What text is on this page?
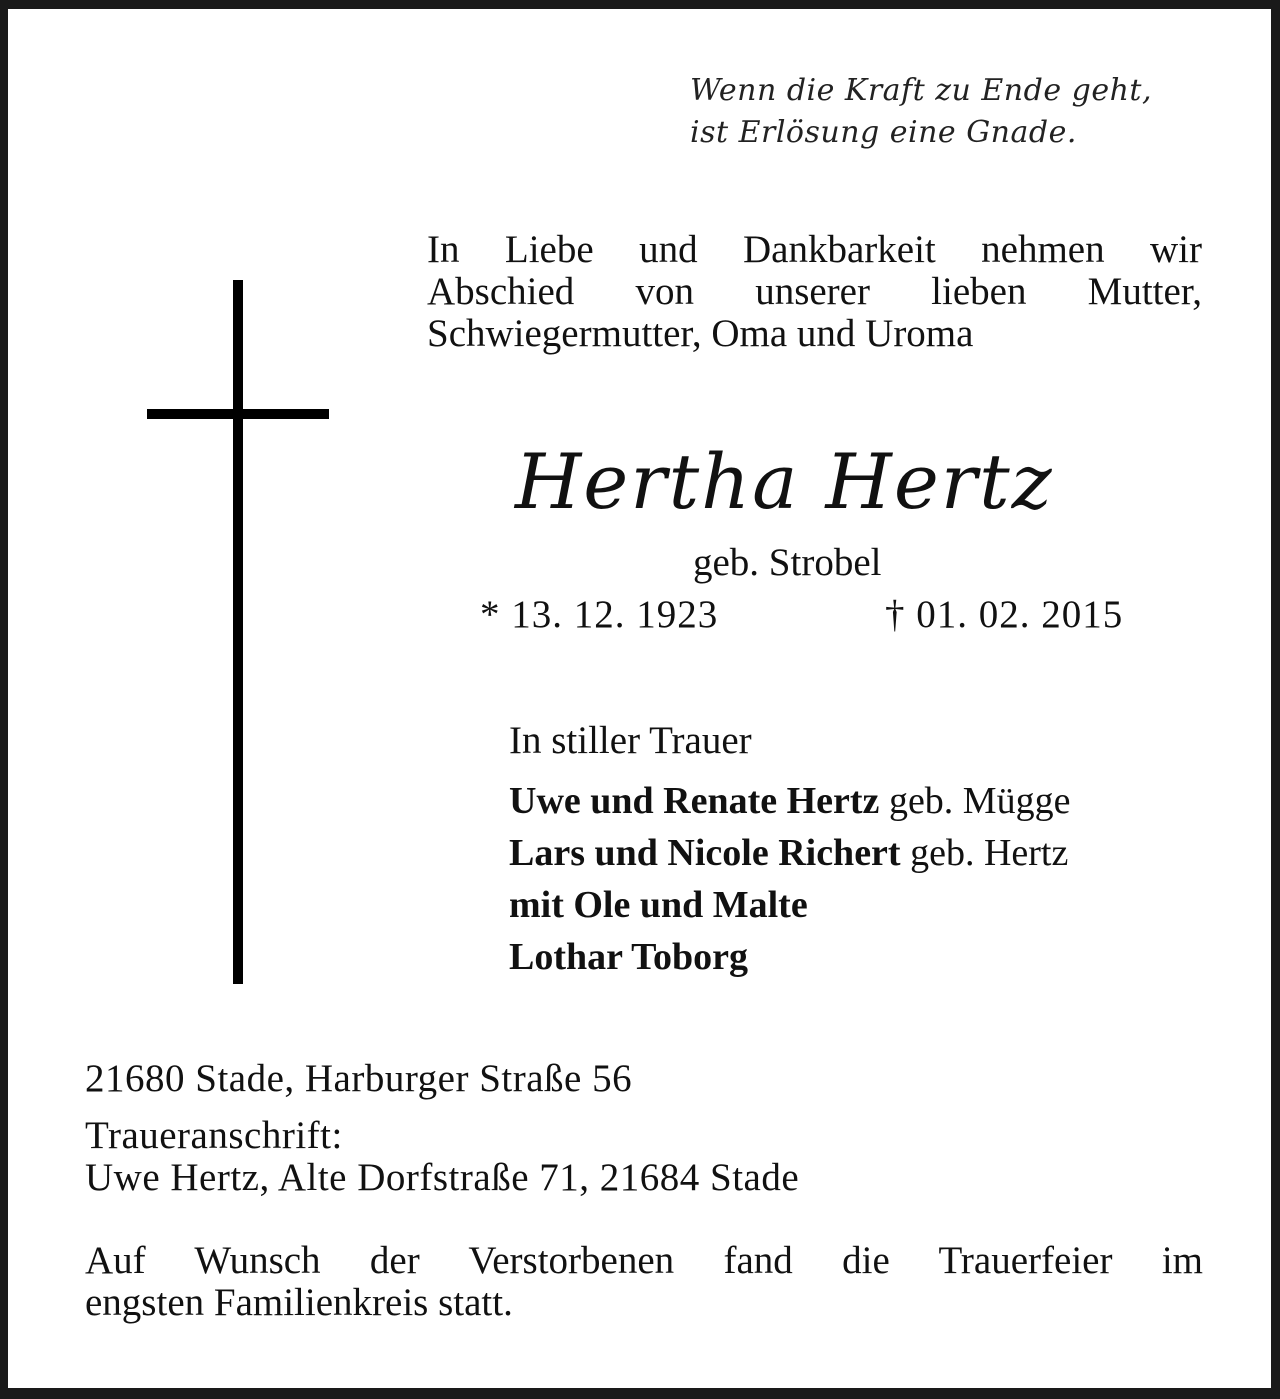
Wenn die Kraft zu Ende geht,
ist Erlösung eine Gnade.
In Liebe und Dankbarkeit nehmen wir
Abschied von unserer lieben Mutter,
Schwiegermutter, Oma und Uroma
Hertha Hertz
geb. Strobel
* 13. 12. 1923	† 01. 02. 2015
In stiller Trauer
Uwe und Renate Hertz geb. Mügge
Lars und Nicole Richert geb. Hertz
mit Ole und Malte
Lothar Toborg
21680 Stade, Harburger Straße 56
Traueranschrift:
Uwe Hertz, Alte Dorfstraße 71, 21684 Stade
Auf Wunsch der Verstorbenen fand die Trauerfeier im
engsten Familienkreis statt.
